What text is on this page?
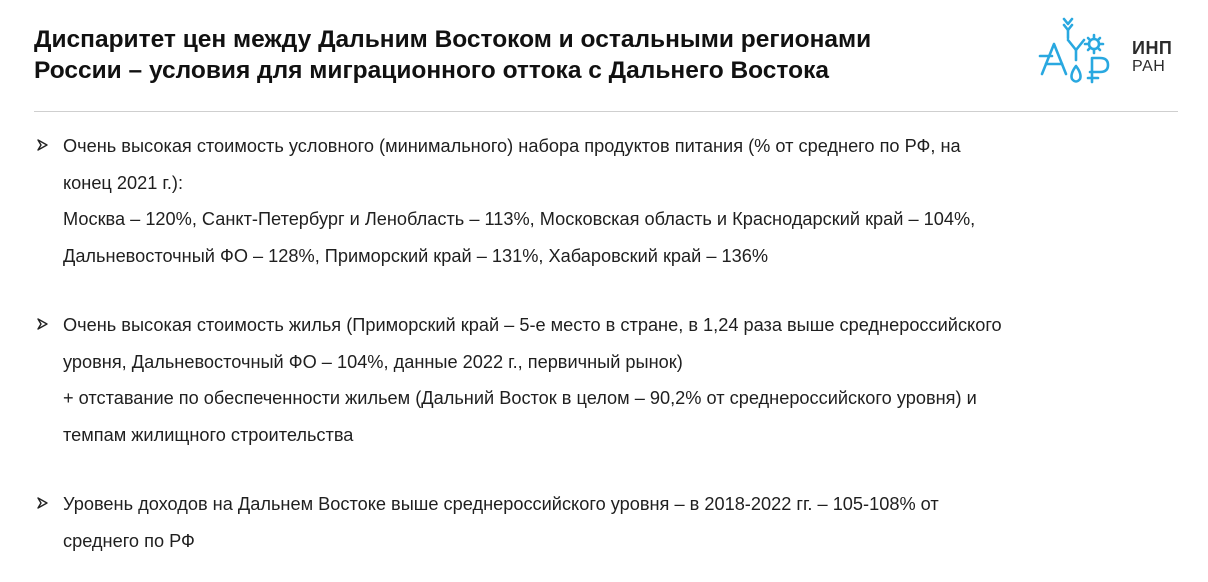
Диспаритет цен между Дальним Востоком и остальными регионами
России – условия для миграционного оттока с Дальнего Востока
ИНП
РАН
Очень высокая стоимость условного (минимального) набора продуктов питания (% от среднего по РФ, на
конец 2021 г.):
Москва – 120%, Санкт-Петербург и Ленобласть – 113%, Московская область и Краснодарский край – 104%,
Дальневосточный ФО – 128%, Приморский край – 131%, Хабаровский край – 136%
Очень высокая стоимость жилья (Приморский край – 5-е место в стране, в 1,24 раза выше среднероссийского
уровня, Дальневосточный ФО – 104%, данные 2022 г., первичный рынок)
+ отставание по обеспеченности жильем (Дальний Восток в целом – 90,2% от среднероссийского уровня) и
темпам жилищного строительства
Уровень доходов на Дальнем Востоке выше среднероссийского уровня – в 2018-2022 гг. – 105-108% от
среднего по РФ
